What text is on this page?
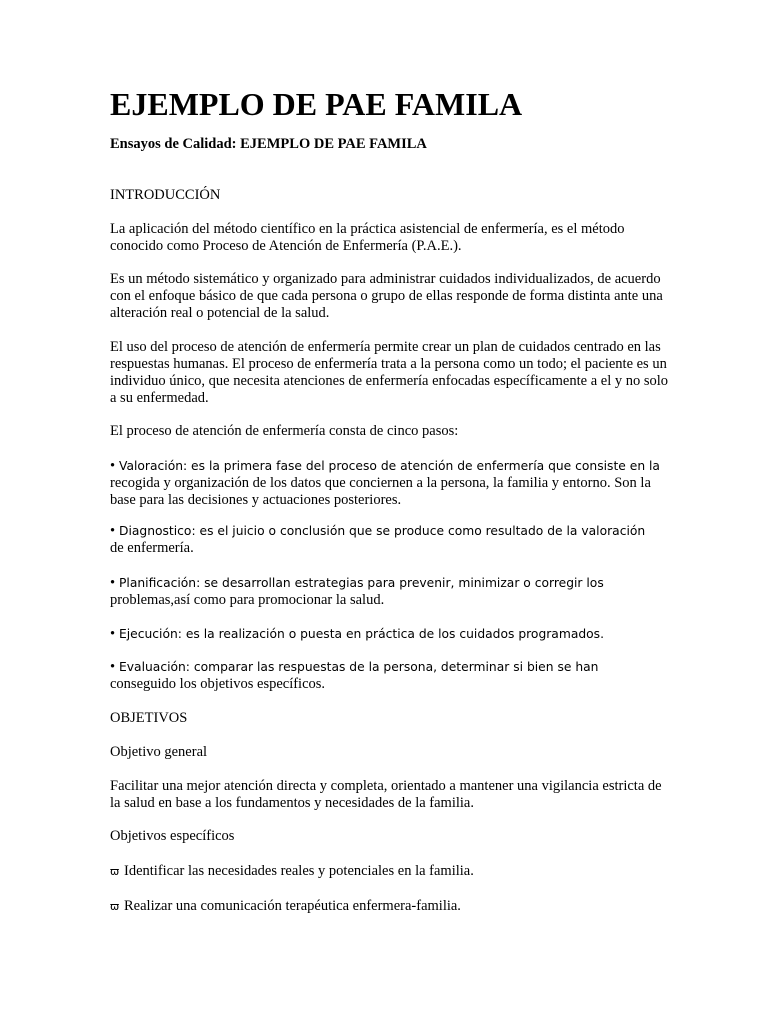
EJEMPLO DE PAE FAMILA

Ensayos de Calidad: EJEMPLO DE PAE FAMILA

INTRODUCCIÓN

La aplicación del método científico en la práctica asistencial de enfermería, es el método conocido como Proceso de Atención de Enfermería (P.A.E.).

Es un método sistemático y organizado para administrar cuidados individualizados, de acuerdo con el enfoque básico de que cada persona o grupo de ellas responde de forma distinta ante una alteración real o potencial de la salud.

El uso del proceso de atención de enfermería permite crear un plan de cuidados centrado en las respuestas humanas. El proceso de enfermería trata a la persona como un todo; el paciente es un individuo único, que necesita atenciones de enfermería enfocadas específicamente a el y no solo a su enfermedad.

El proceso de atención de enfermería consta de cinco pasos:

• Valoración: es la primera fase del proceso de atención de enfermería que consiste en la
recogida y organización de los datos que conciernen a la persona, la familia y entorno. Son la base para las decisiones y actuaciones posteriores.

• Diagnostico: es el juicio o conclusión que se produce como resultado de la valoración
de enfermería.

• Planificación: se desarrollan estrategias para prevenir, minimizar o corregir los
problemas,así como para promocionar la salud.

• Ejecución: es la realización o puesta en práctica de los cuidados programados.

• Evaluación: comparar las respuestas de la persona, determinar si bien se han
conseguido los objetivos específicos.

OBJETIVOS

Objetivo general

Facilitar una mejor atención directa y completa, orientado a mantener una vigilancia estricta de la salud en base a los fundamentos y necesidades de la familia.

Objetivos específicos

ϖ Identificar las necesidades reales y potenciales en la familia.

ϖ Realizar una comunicación terapéutica enfermera-familia.
